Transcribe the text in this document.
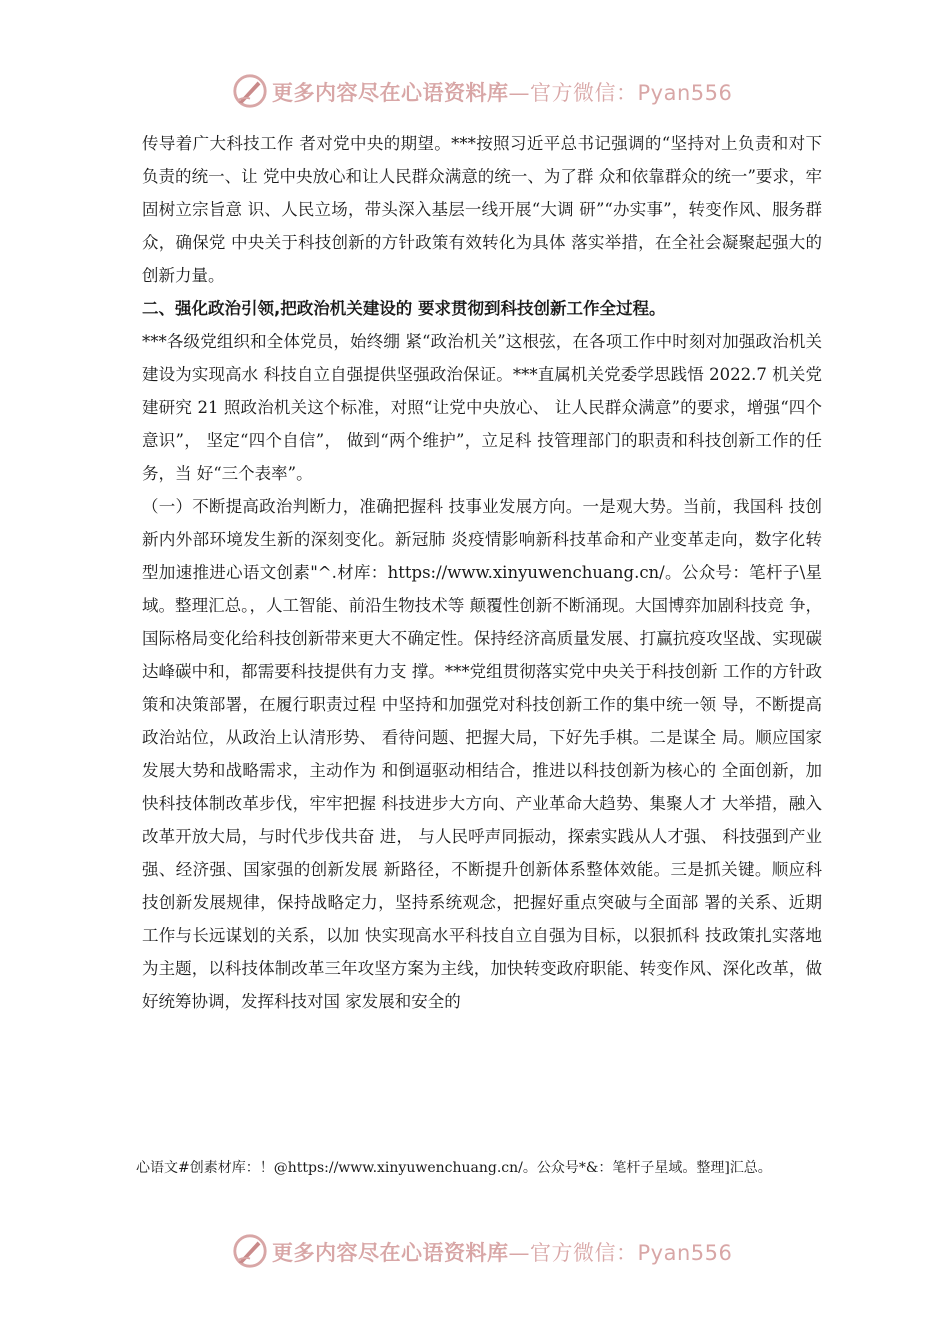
更多内容尽在心语资料库—官方微信：Pyan556

传导着广大科技工作 者对党中央的期望。***按照习近平总书记强调的“坚持对上负责和对下负责的统一、让 党中央放心和让人民群众满意的统一、为了群 众和依靠群众的统一”要求，牢固树立宗旨意 识、人民立场，带头深入基层一线开展“大调 研”“办实事”，转变作风、服务群众，确保党 中央关于科技创新的方针政策有效转化为具体 落实举措，在全社会凝聚起强大的创新力量。

二、强化政治引领,把政治机关建设的 要求贯彻到科技创新工作全过程。

***各级党组织和全体党员，始终绷 紧“政治机关”这根弦，在各项工作中时刻对加强政治机关建设为实现高水 科技自立自强提供坚强政治保证。***直属机关党委学思践悟 2022.7 机关党建研究 21 照政治机关这个标准，对照“让党中央放心、 让人民群众满意”的要求，增强“四个意识”， 坚定“四个自信”， 做到“两个维护”，立足科 技管理部门的职责和科技创新工作的任务，当 好“三个表率”。

（一）不断提高政治判断力，准确把握科 技事业发展方向。一是观大势。当前，我国科 技创新内外部环境发生新的深刻变化。新冠肺 炎疫情影响新科技革命和产业变革走向，数字化转型加速推进心语文创素"^.材库：https://www.xinyuwenchuang.cn/。公众号：笔杆子\星域。整理汇总。，人工智能、前沿生物技术等 颠覆性创新不断涌现。大国博弈加剧科技竞 争，国际格局变化给科技创新带来更大不确定性。保持经济高质量发展、打赢抗疫攻坚战、实现碳达峰碳中和，都需要科技提供有力支 撑。***党组贯彻落实党中央关于科技创新 工作的方针政策和决策部署，在履行职责过程 中坚持和加强党对科技创新工作的集中统一领 导，不断提高政治站位，从政治上认清形势、 看待问题、把握大局，下好先手棋。二是谋全 局。顺应国家发展大势和战略需求，主动作为 和倒逼驱动相结合，推进以科技创新为核心的 全面创新，加快科技体制改革步伐，牢牢把握 科技进步大方向、产业革命大趋势、集聚人才 大举措，融入改革开放大局，与时代步伐共奋 进， 与人民呼声同振动，探索实践从人才强、 科技强到产业强、经济强、国家强的创新发展 新路径，不断提升创新体系整体效能。三是抓关键。顺应科技创新发展规律，保持战略定力，坚持系统观念，把握好重点突破与全面部 署的关系、近期工作与长远谋划的关系，以加 快实现高水平科技自立自强为目标，以狠抓科 技政策扎实落地为主题，以科技体制改革三年攻坚方案为主线，加快转变政府职能、转变作风、深化改革，做好统筹协调，发挥科技对国 家发展和安全的

心语文#创素材库：！@https://www.xinyuwenchuang.cn/。公众号*&：笔杆子星域。整理]汇总。
更多内容尽在心语资料库—官方微信：Pyan556
